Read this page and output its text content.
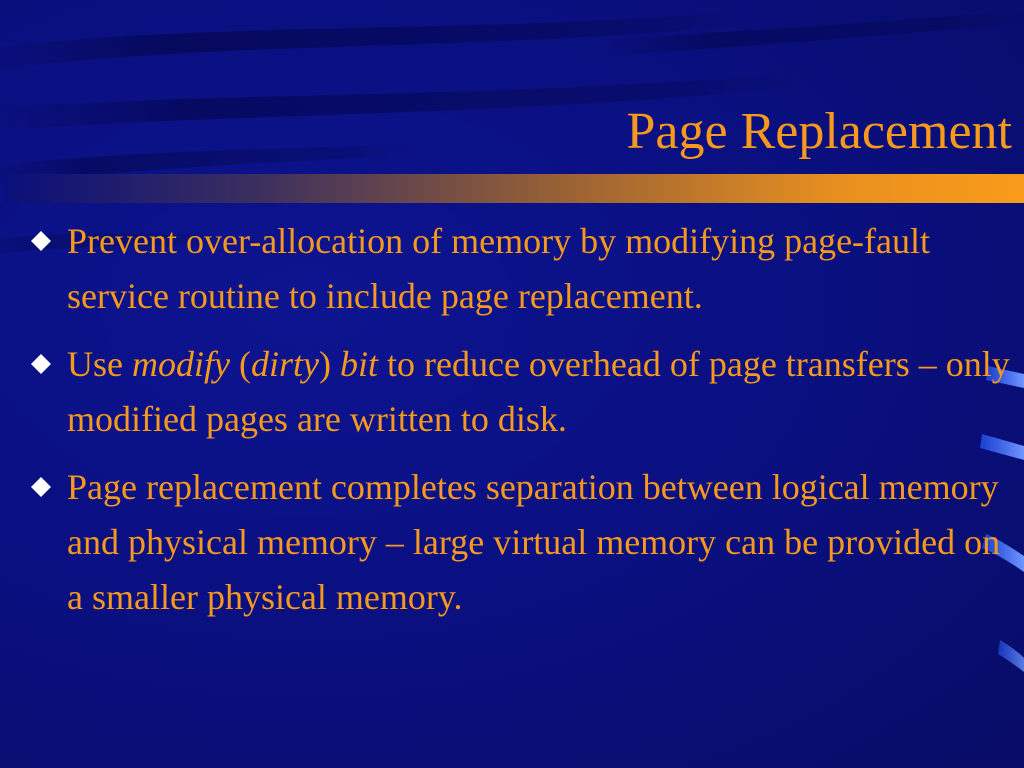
Page Replacement
Prevent over-allocation of memory by modifying page-fault service routine to include page replacement.
Use modify (dirty) bit to reduce overhead of page transfers – only modified pages are written to disk.
Page replacement completes separation between logical memory and physical memory – large virtual memory can be provided on a smaller physical memory.
